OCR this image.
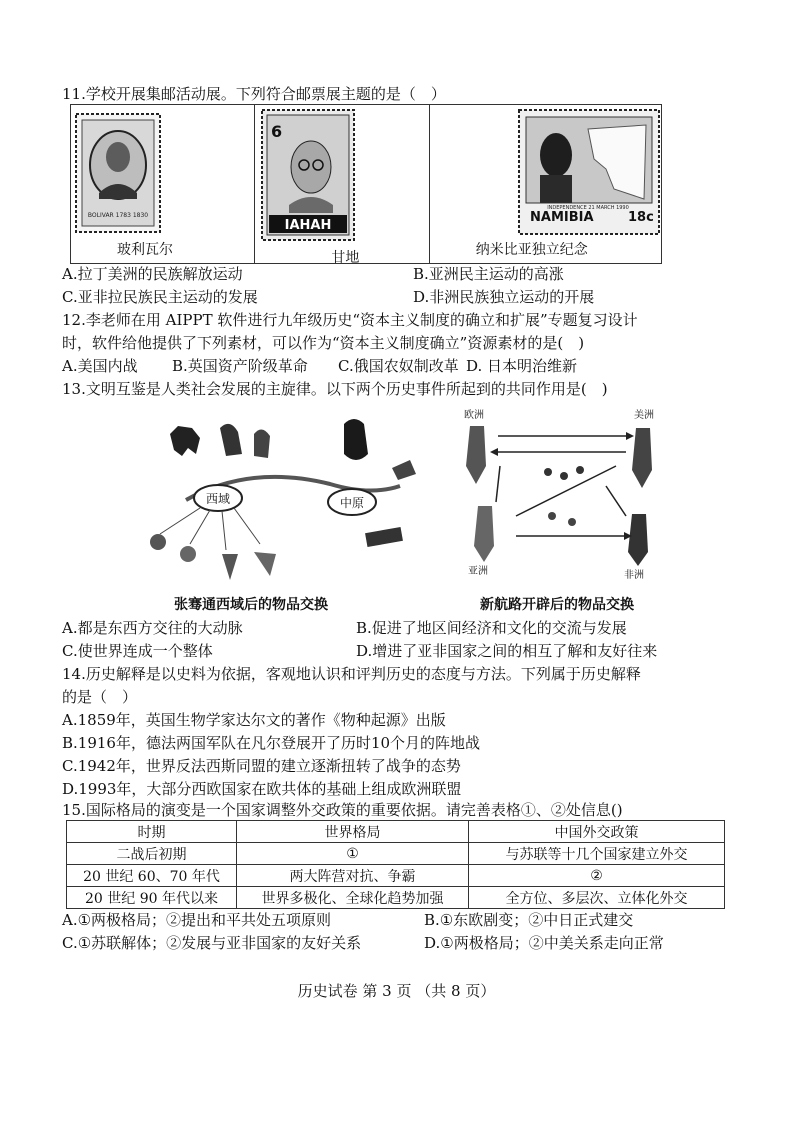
11.学校开展集邮活动展。下列符合邮票展主题的是（　）
BOLIVAR 1783 1830
玻利瓦尔
6
IAHAH
甘地
NAMIBIA	18c
INDEPENDENCE 21 MARCH 1990
纳米比亚独立纪念
A.拉丁美洲的民族解放运动	B.亚洲民主运动的高涨
C.亚非拉民族民主运动的发展	D.非洲民族独立运动的开展
12.李老师在用 AIPPT 软件进行九年级历史“资本主义制度的确立和扩展”专题复习设计
时，软件给他提供了下列素材，可以作为“资本主义制度确立”资源素材的是(　)
A.美国内战 B.英国资产阶级革命 C.俄国农奴制改革 D. 日本明治维新
13.文明互鉴是人类社会发展的主旋律。以下两个历史事件所起到的共同作用是(　)
西域	中原
欧洲	美洲
亚洲	非洲
张骞通西域后的物品交换	新航路开辟后的物品交换
A.都是东西方交往的大动脉	B.促进了地区间经济和文化的交流与发展
C.使世界连成一个整体	D.增进了亚非国家之间的相互了解和友好往来
14.历史解释是以史料为依据，客观地认识和评判历史的态度与方法。下列属于历史解释
的是（　）
A.1859年，英国生物学家达尔文的著作《物种起源》出版
B.1916年，德法两国军队在凡尔登展开了历时10个月的阵地战
C.1942年，世界反法西斯同盟的建立逐渐扭转了战争的态势
D.1993年，大部分西欧国家在欧共体的基础上组成欧洲联盟
15.国际格局的演变是一个国家调整外交政策的重要依据。请完善表格①、②处信息()
时期	世界格局	中国外交政策
二战后初期	①	与苏联等十几个国家建立外交
20 世纪 60、70 年代	两大阵营对抗、争霸	②
20 世纪 90 年代以来	世界多极化、全球化趋势加强	全方位、多层次、立体化外交
A.①两极格局；②提出和平共处五项原则	B.①东欧剧变；②中日正式建交
C.①苏联解体；②发展与亚非国家的友好关系	D.①两极格局；②中美关系走向正常
历史试卷 第 3 页 （共 8 页）
